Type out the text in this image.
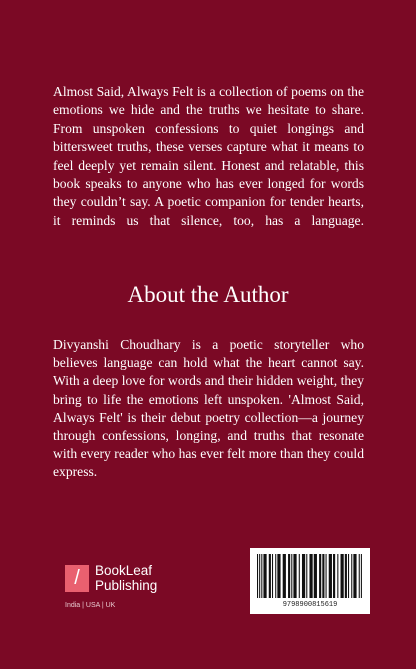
Almost Said, Always Felt is a collection of poems on the emotions we hide and the truths we hesitate to share. From unspoken confessions to quiet longings and bittersweet truths, these verses capture what it means to feel deeply yet remain silent. Honest and relatable, this book speaks to anyone who has ever longed for words they couldn’t say. A poetic companion for tender hearts, it reminds us that silence, too, has a language.

About the Author

Divyanshi Choudhary is a poetic storyteller who believes language can hold what the heart cannot say. With a deep love for words and their hidden weight, they bring to life the emotions left unspoken. 'Almost Said, Always Felt' is their debut poetry collection—a journey through confessions, longing, and truths that resonate with every reader who has ever felt more than they could express.

/	BookLeaf
Publishing
India | USA | UK	9798900815619
